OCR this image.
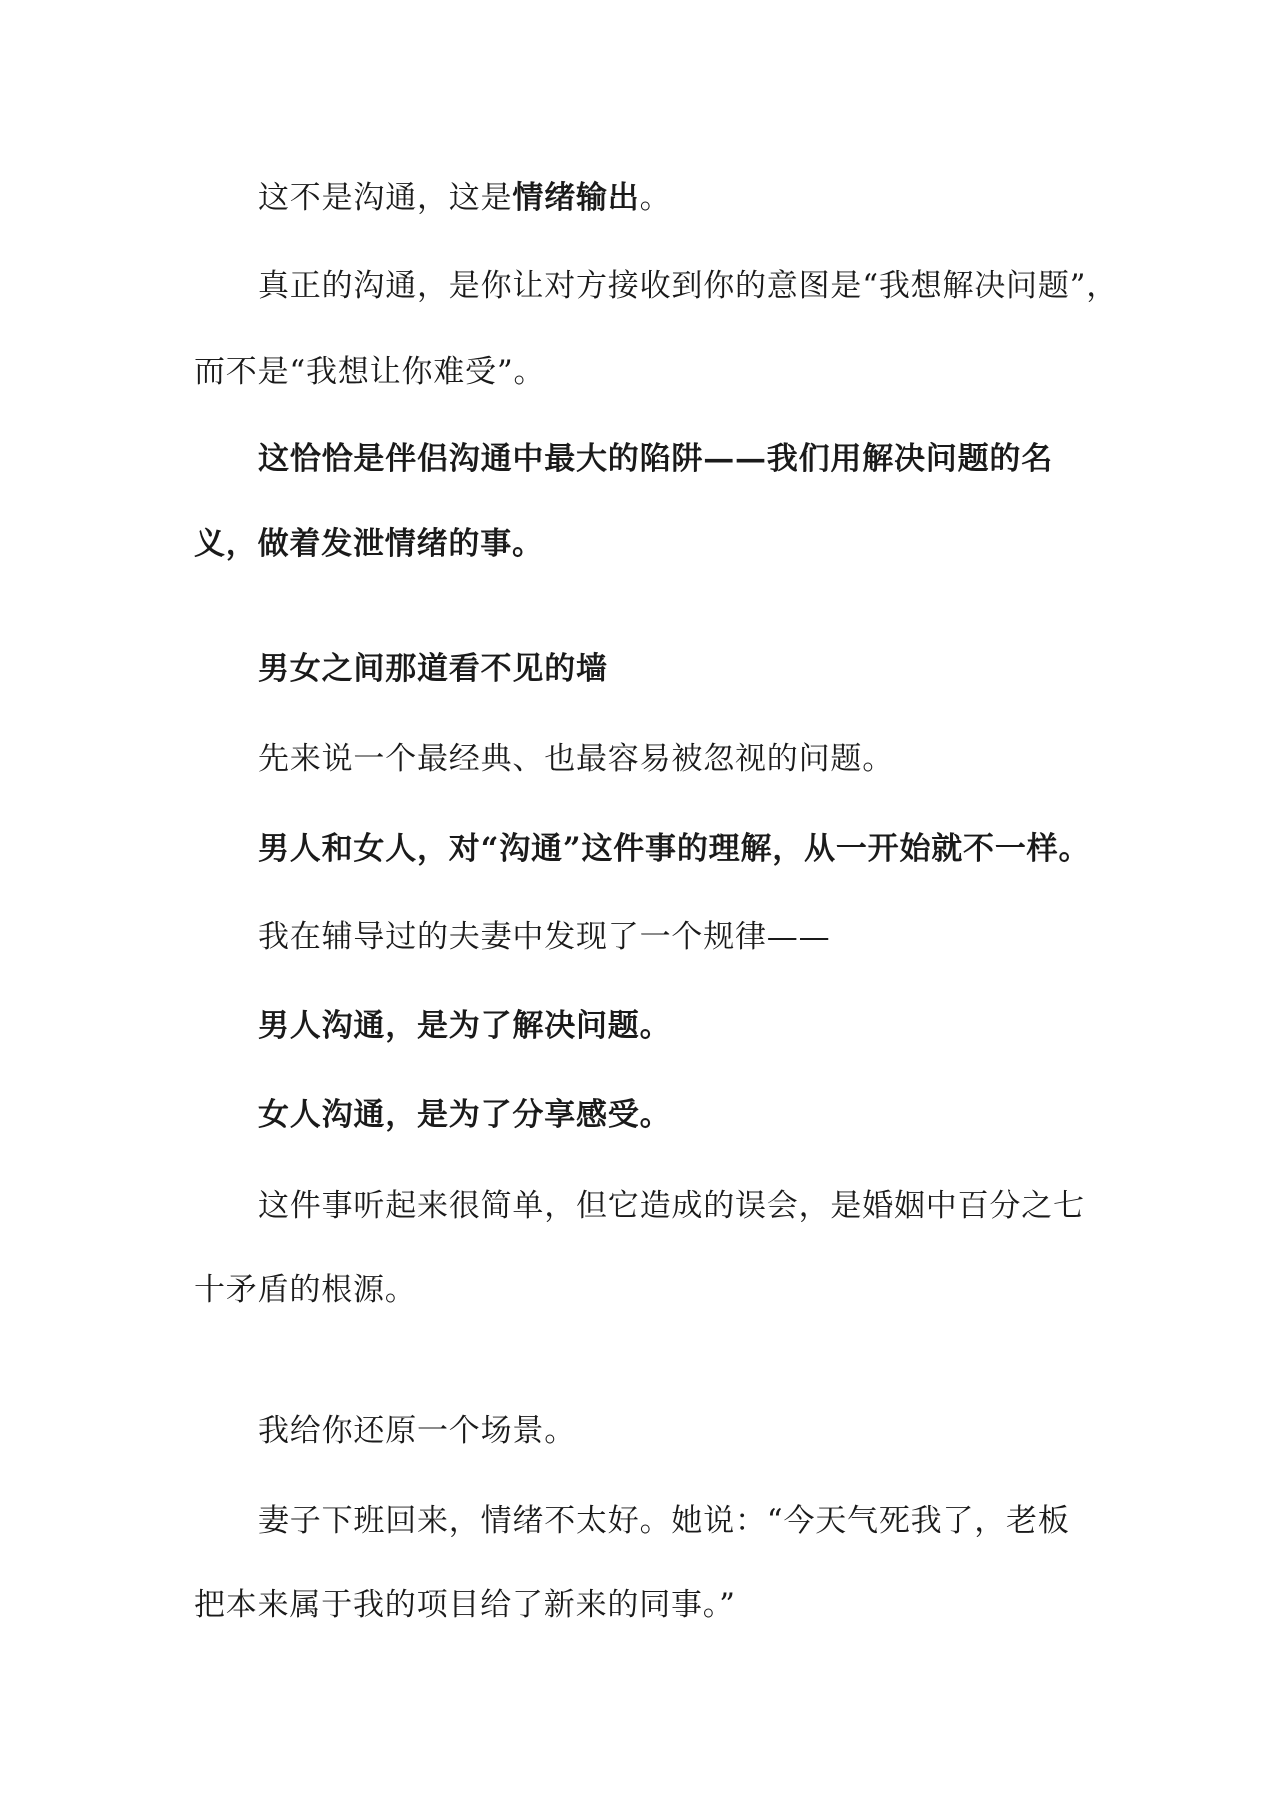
这不是沟通，这是情绪输出。
真正的沟通，是你让对方接收到你的意图是“我想解决问题”，
而不是“我想让你难受”。
这恰恰是伴侣沟通中最大的陷阱——我们用解决问题的名
义，做着发泄情绪的事。
男女之间那道看不见的墙
先来说一个最经典、也最容易被忽视的问题。
男人和女人，对“沟通”这件事的理解，从一开始就不一样。
我在辅导过的夫妻中发现了一个规律——
男人沟通，是为了解决问题。
女人沟通，是为了分享感受。
这件事听起来很简单，但它造成的误会，是婚姻中百分之七
十矛盾的根源。
我给你还原一个场景。
妻子下班回来，情绪不太好。她说：“今天气死我了，老板
把本来属于我的项目给了新来的同事。”
